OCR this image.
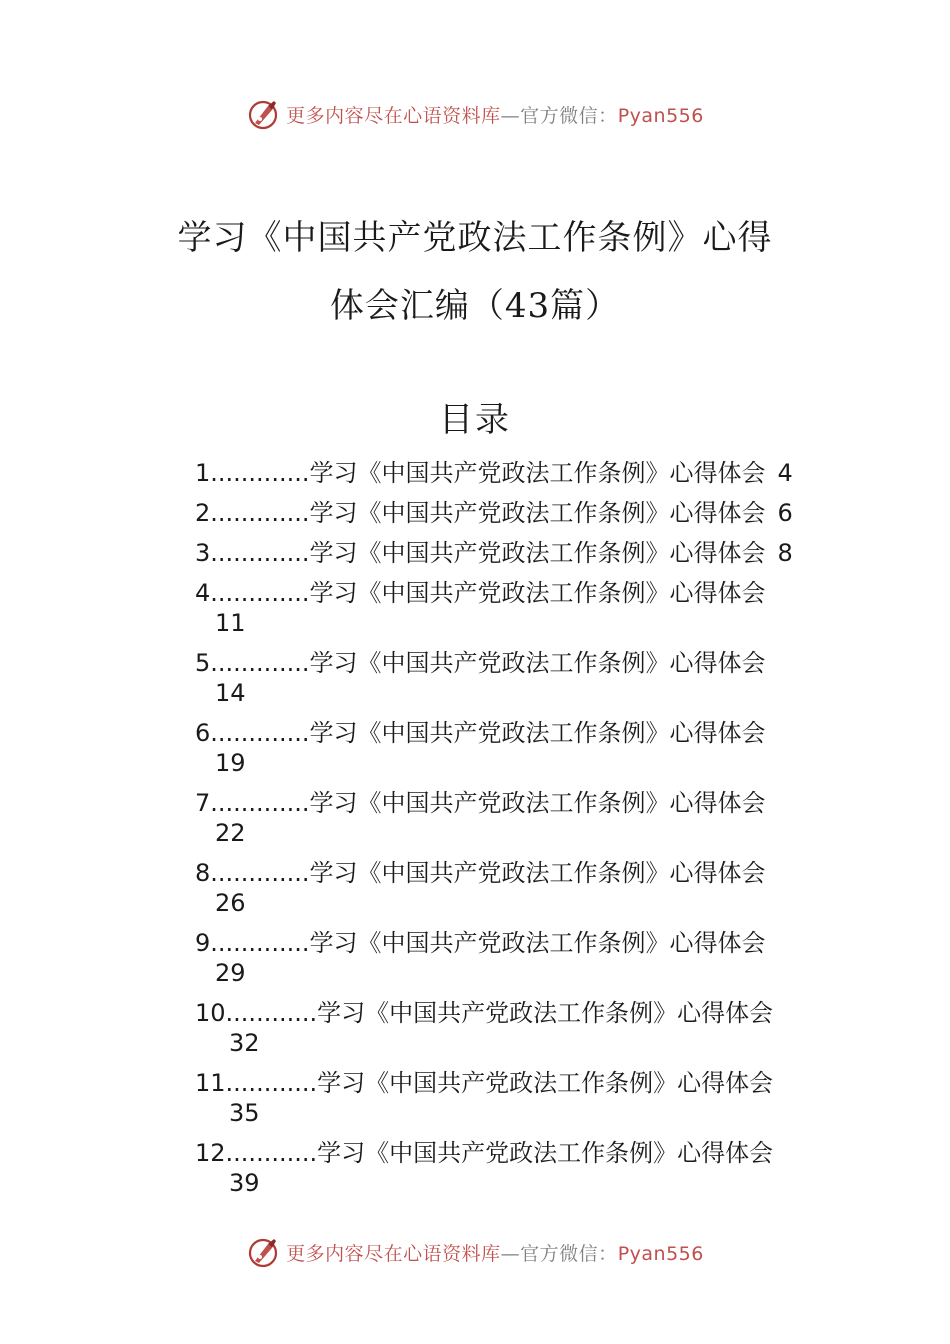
更多内容尽在心语资料库—官方微信：Pyan556
学习《中国共产党政法工作条例》心得
体会汇编（43篇）
目录
1.............学习《中国共产党政法工作条例》心得体会 4
2.............学习《中国共产党政法工作条例》心得体会 6
3.............学习《中国共产党政法工作条例》心得体会 8
4.............学习《中国共产党政法工作条例》心得体会
11
5.............学习《中国共产党政法工作条例》心得体会
14
6.............学习《中国共产党政法工作条例》心得体会
19
7.............学习《中国共产党政法工作条例》心得体会
22
8.............学习《中国共产党政法工作条例》心得体会
26
9.............学习《中国共产党政法工作条例》心得体会
29
10............学习《中国共产党政法工作条例》心得体会
32
11............学习《中国共产党政法工作条例》心得体会
35
12............学习《中国共产党政法工作条例》心得体会
39
更多内容尽在心语资料库—官方微信：Pyan556
